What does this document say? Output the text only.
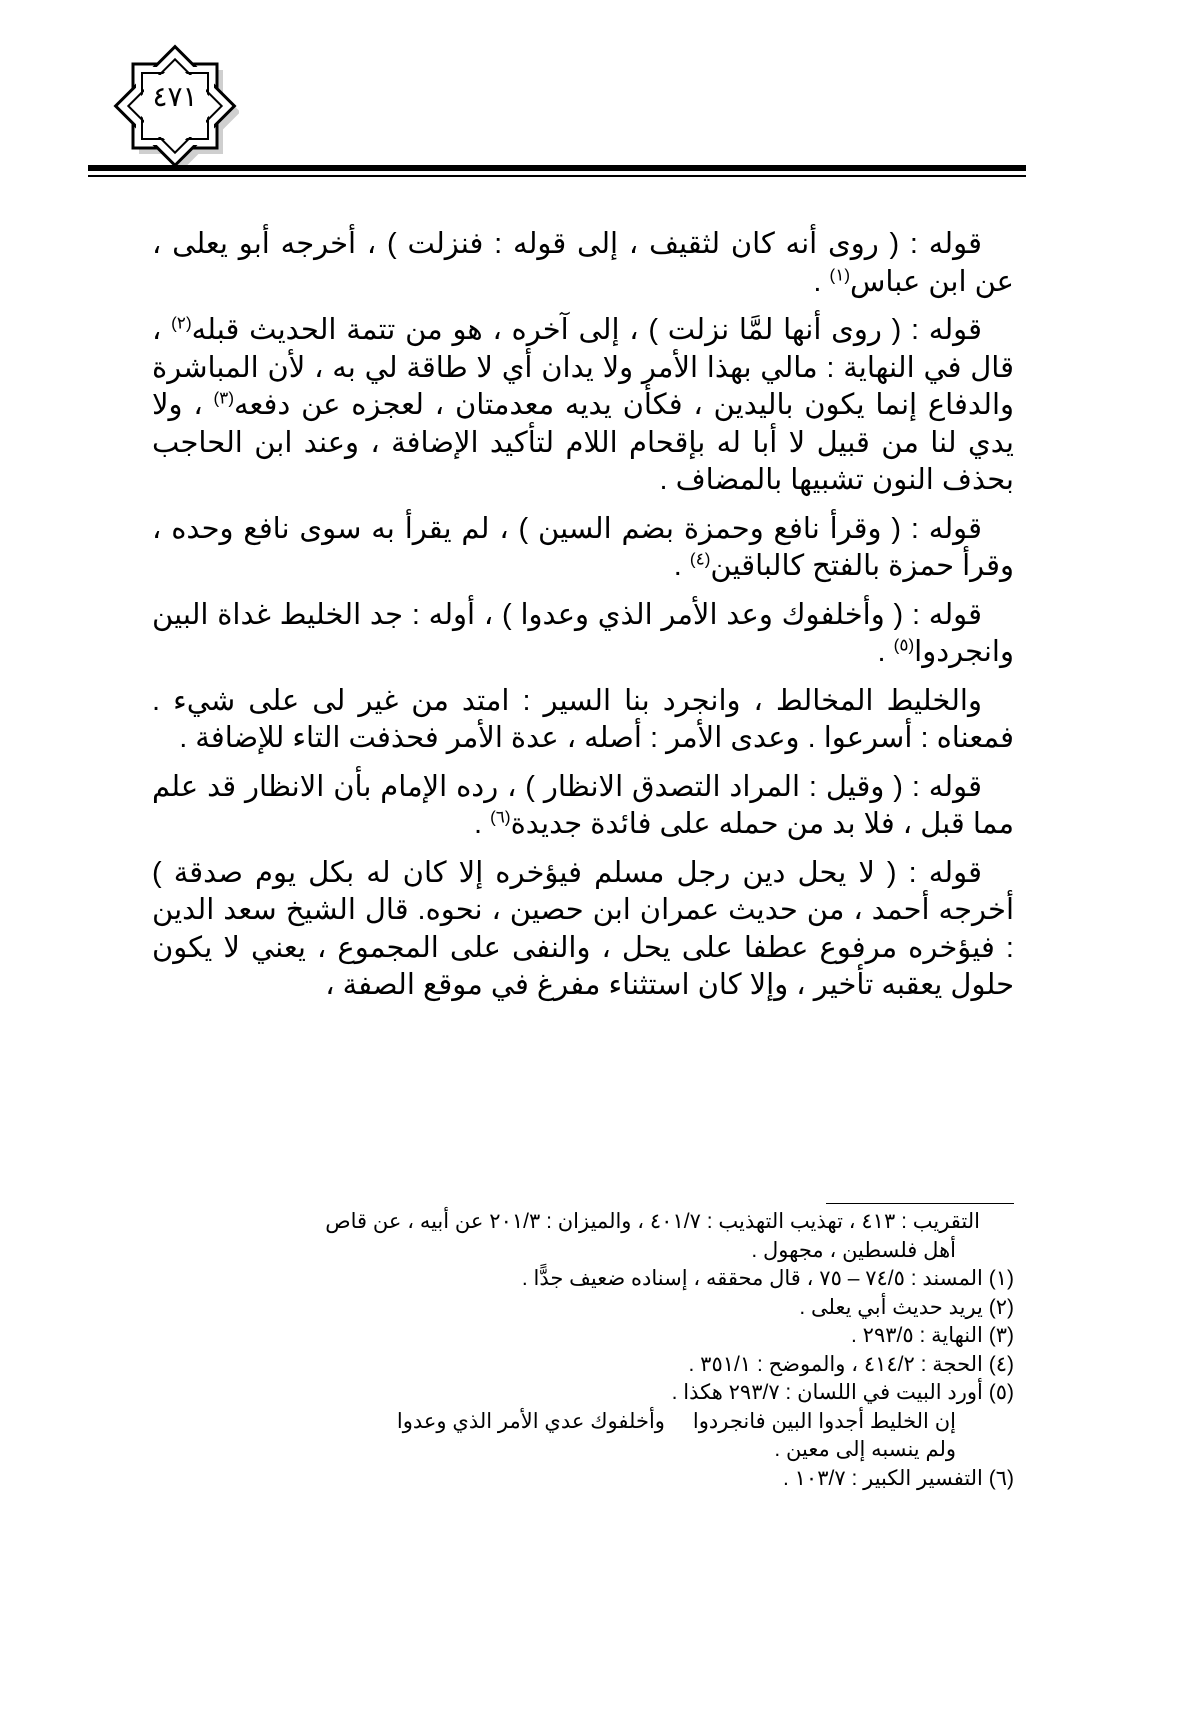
٤٧١

قوله : ( روى أنه كان لثقيف ، إلى قوله : فنزلت ) ، أخرجه أبو يعلى ، عن ابن عباس$^{(١)}$ .

قوله : ( روى أنها لمَّا نزلت ) ، إلى آخره ، هو من تتمة الحديث قبله$^{(٢)}$ ، قال في النهاية : مالي بهذا الأمر ولا يدان أي لا طاقة لي به ، لأن المباشرة والدفاع إنما يكون باليدين ، فكأن يديه معدمتان ، لعجزه عن دفعه$^{(٣)}$ ، ولا يدي لنا من قبيل لا أبا له بإقحام اللام لتأكيد الإضافة ، وعند ابن الحاجب بحذف النون تشبيها بالمضاف .

قوله : ( وقرأ نافع وحمزة بضم السين ) ، لم يقرأ به سوى نافع وحده ، وقرأ حمزة بالفتح كالباقين$^{(٤)}$ .

قوله : ( وأخلفوك وعد الأمر الذي وعدوا ) ، أوله : جد الخليط غداة البين وانجردوا$^{(٥)}$ .

والخليط المخالط ، وانجرد بنا السير : امتد من غير لى على شيء . فمعناه : أسرعوا . وعدى الأمر : أصله ، عدة الأمر فحذفت التاء للإضافة .

قوله : ( وقيل : المراد التصدق الانظار ) ، رده الإمام بأن الانظار قد علم مما قبل ، فلا بد من حمله على فائدة جديدة$^{(٦)}$ .

قوله : ( لا يحل دين رجل مسلم فيؤخره إلا كان له بكل يوم صدقة ) أخرجه أحمد ، من حديث عمران ابن حصين ، نحوه. قال الشيخ سعد الدين : فيؤخره مرفوع عطفا على يحل ، والنفى على المجموع ، يعني لا يكون حلول يعقبه تأخير ، وإلا كان استثناء مفرغ في موقع الصفة ،

التقريب : ٤١٣ ، تهذيب التهذيب : ٤٠١/٧ ، والميزان : ٢٠١/٣ عن أبيه ، عن قاص
أهل فلسطين ، مجهول .
(١) المسند : ٧٤/٥ – ٧٥ ، قال محققه ، إسناده ضعيف جدًّا .
(٢) يريد حديث أبي يعلى .
(٣) النهاية : ٢٩٣/٥ .
(٤) الحجة : ٤١٤/٢ ، والموضح : ٣٥١/١ .
(٥) أورد البيت في اللسان : ٢٩٣/٧ هكذا .
إن الخليط أجدوا البين فانجردوا
وأخلفوك عدي الأمر الذي وعدوا
ولم ينسبه إلى معين .
(٦) التفسير الكبير : ١٠٣/٧ .
